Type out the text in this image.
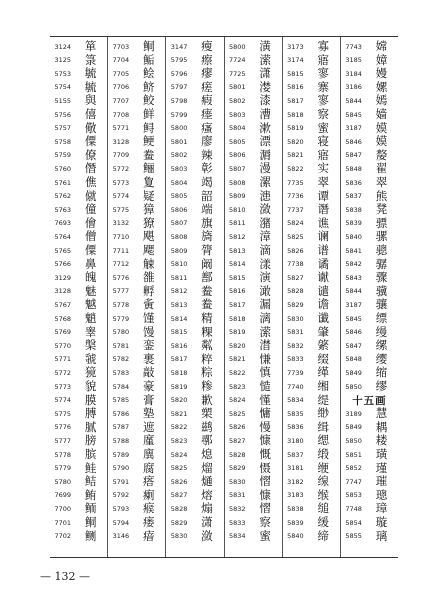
3124	箪
3125	箓
5753	毓
5754	毓
5155	與
5756	僖
5757	儆
5758	僳
5759	僚
5760	僭
5761	僬
5762	僦
5763	僮
7693	儈
5764	僧
5765	僳
5766	鼻
3129	魄
3128	魅
5767	魆
5768	魈
5769	睾
5770	槃
5771	虢
5772	獍
5773	貌
5774	膜
5775	膊
5776	腻
5777	膀
5778	膑
5779	鲑
5780	鲒
7699	鲔
7700	鲕
7701	鲖
7702	鲗
7703	鲖
7704	鲘
7705	鲙
7706	鲚
7707	鲛
7708	鲜
5771	鲟
3128	鲠
7709	鲞
5772	鲡
5773	夐
5774	疑
5775	獐
3132	獠
7710	飓
7711	飔
7712	觫
5776	雒
5777	孵
5778	夤
5779	馑
5780	馒
5781	銮
5782	裹
5783	敲
5784	豪
5785	膏
5786	塾
5787	遮
5788	廑
5789	廙
5790	腐
5791	瘩
5792	瘌
5793	瘊
5794	瘘
3146	瘖
3147	瘦
5795	瘵
5796	瘳
5797	瘥
5798	瘕
5799	瘗
5800	瘙
5801	廖
5802	辣
5803	彰
5804	竭
5805	韶
5806	端
5807	旗
5808	旖
5809	膂
5810	阚
5811	鄯
5812	鲞
5813	鲞
5814	精
5815	粿
5816	粼
5817	粹
5818	粽
5819	糁
5820	歉
5821	槊
5822	鹚
5823	鄩
5824	熄
5825	熘
5826	熥
5827	熔
5828	煽
5829	潇
5830	潋
5800	潢
7724	潆
7725	潇
5801	漤
5802	漆
5803	漕
5804	漱
5805	漂
5806	漘
5807	漫
5808	漯
5809	漶
5810	潋
5811	潴
5812	漳
5813	滴
5814	漾
5815	演
5816	澉
5817	漏
5818	漓
5819	潆
5820	澘
5821	慊
5822	慎
5823	慥
5824	慬
5825	慵
5826	慢
5827	慷
5828	慨
5829	慑
5830	慴
5831	慷
5832	慴
5833	察
5834	蜜
3173	寡
3174	寤
5815	寥
5816	寨
5817	寥
5818	察
5819	蜜
5820	寝
5821	寤
5822	实
7735	翠
7736	谭
7737	谮
5824	谯
5825	谰
5826	谱
7738	谲
5827	谳
5828	谴
5829	谵
5830	谶
5831	肇
5832	綮
5833	缀
7739	缂
7740	缃
5834	缇
5835	缈
5836	缉
3180	缌
5837	缎
3181	缏
3182	缐
3183	缑
5838	缒
5839	缓
5840	缔
7743	嫦
3185	嫜
3184	嫚
3186	嫘
5844	嫣
5845	嫱
3187	嫫
5846	嫫
5847	嫠
5848	翟
5836	翠
5837	熊
5838	凳
5839	骠
5840	骡
5841	骢
5842	骣
5843	骤
5844	骥
3187	骧
5845	缥
5846	缦
5847	缧
5848	缨
5849	缩
5850	缪
十五画
3189	慧
5849	耦
5850	耧
5851	璜
5852	瑾
7747	璀
5853	璁
7748	璋
5854	璇
5855	璃
— 132 —
